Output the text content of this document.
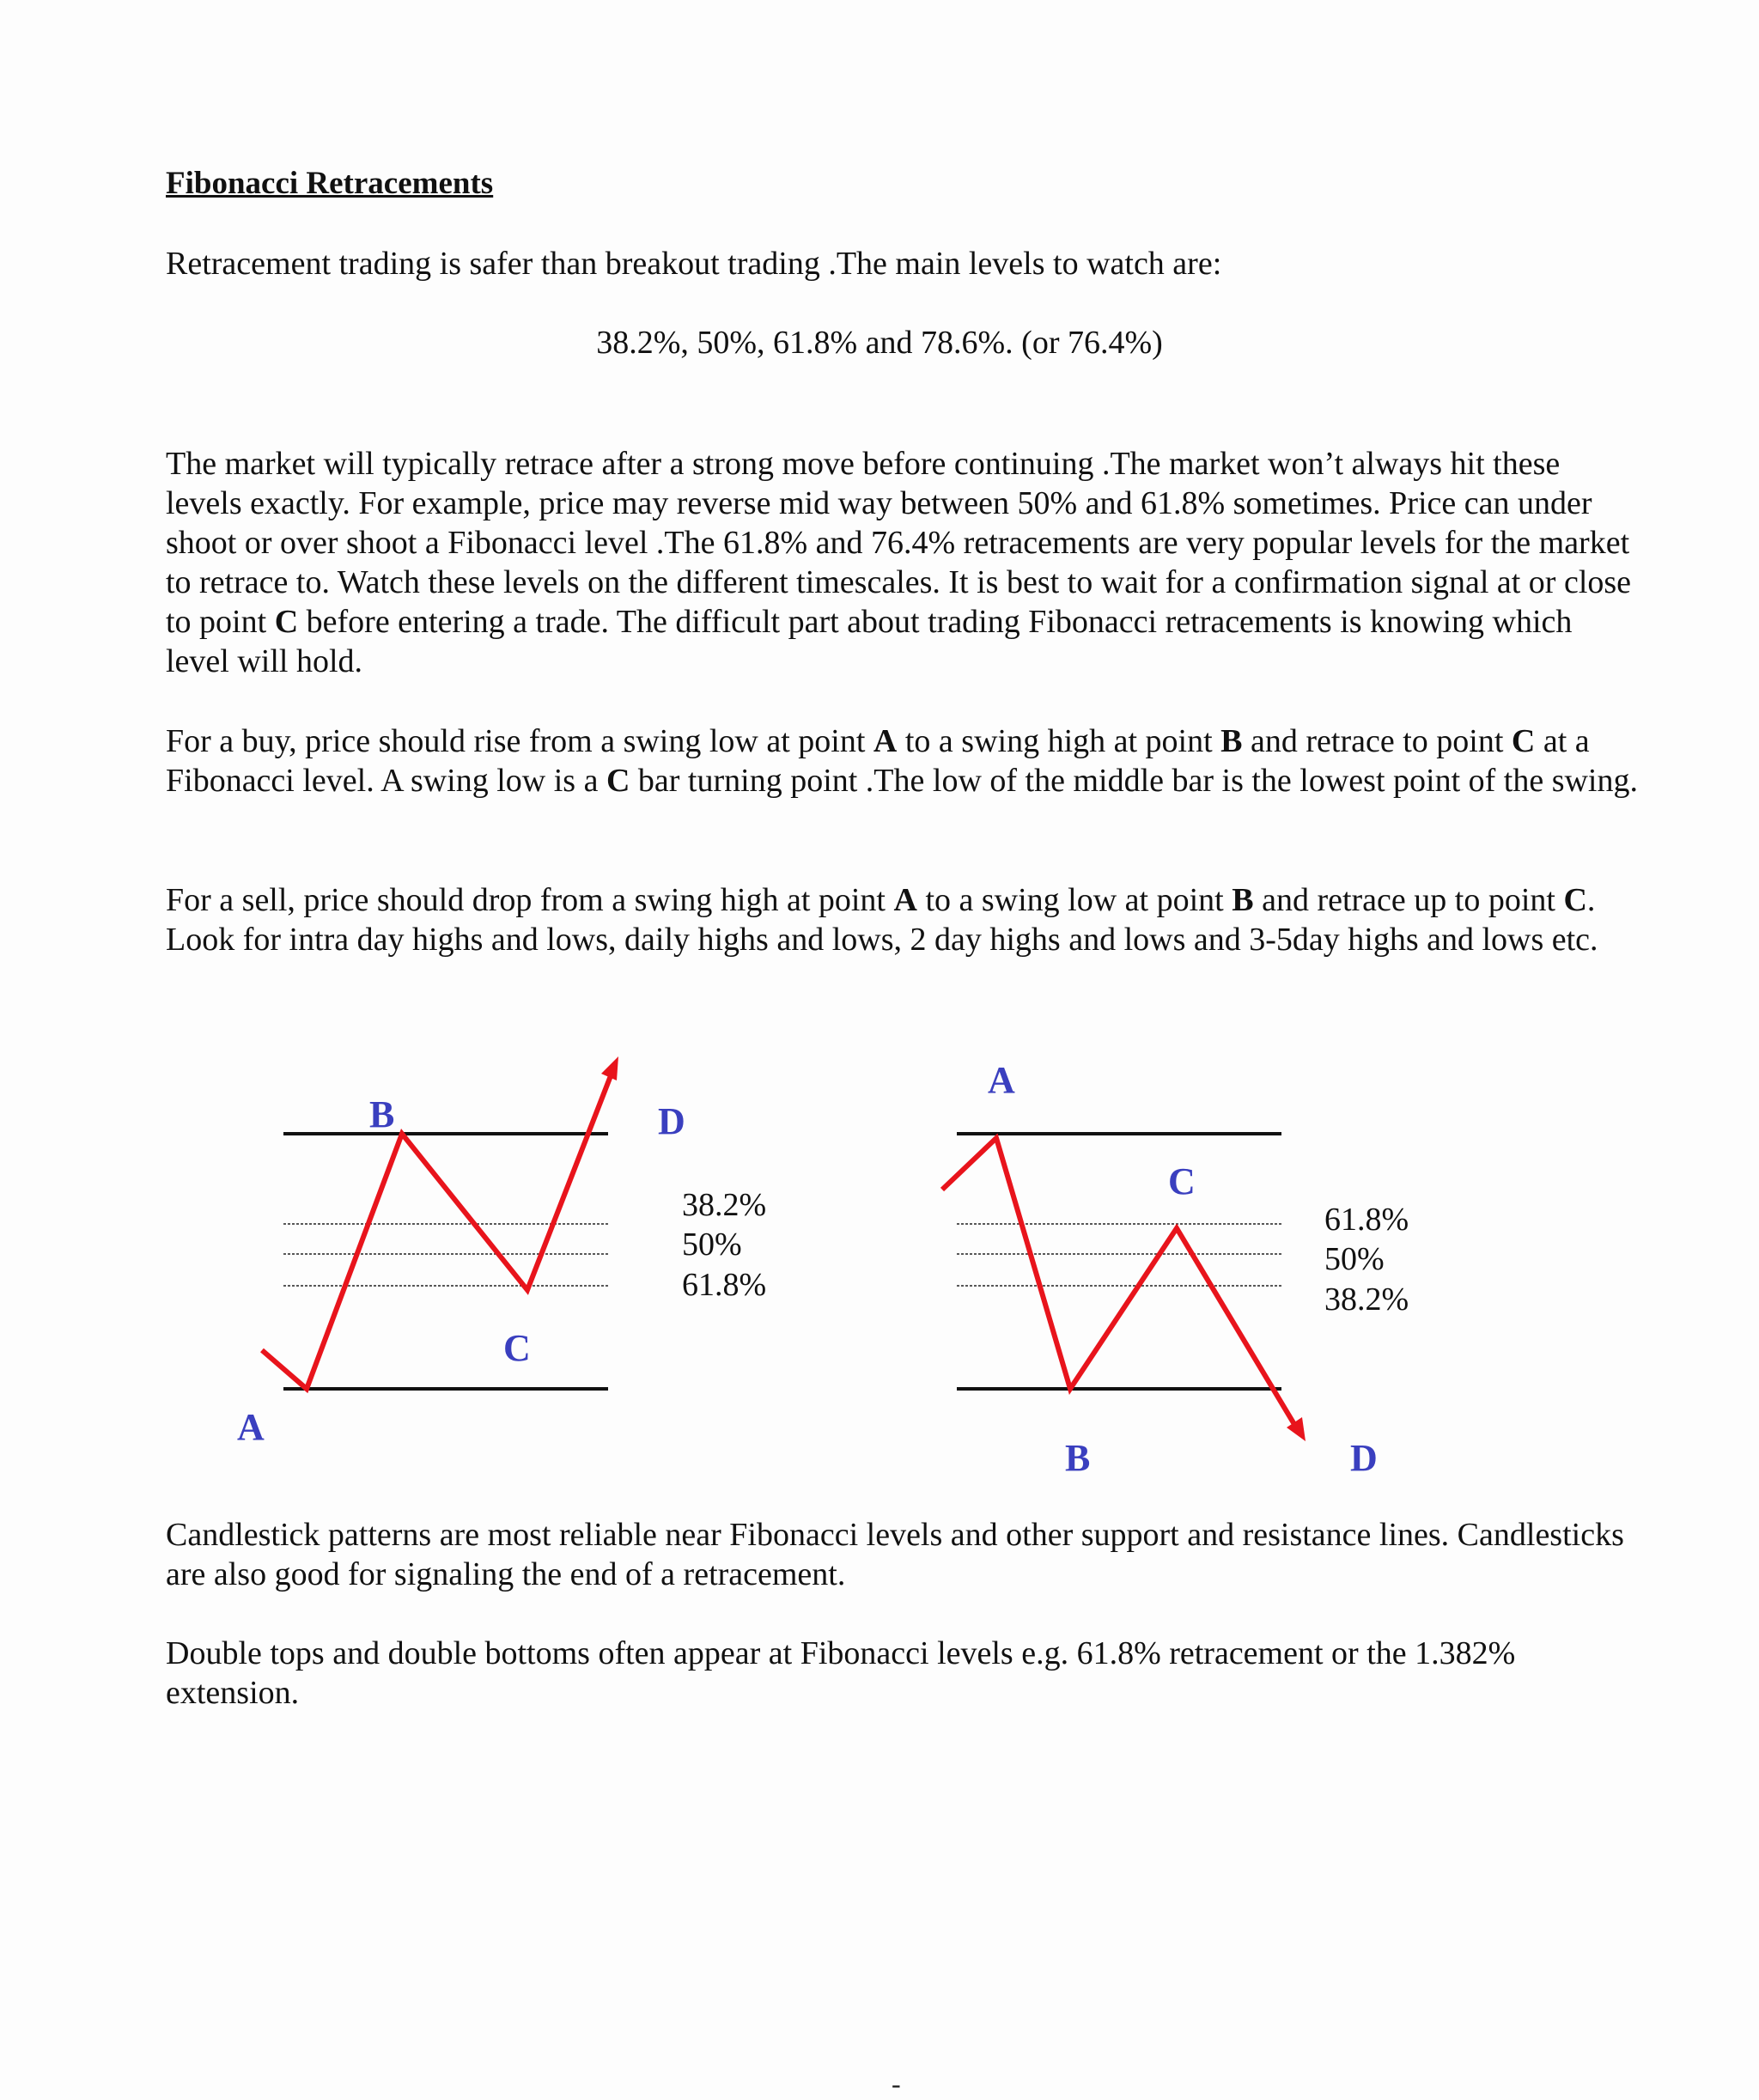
Fibonacci Retracements

Retracement trading is safer than breakout trading .The main levels to watch are:

38.2%, 50%, 61.8% and 78.6%. (or 76.4%)

The market will typically retrace after a strong move before continuing .The market won’t always hit these levels exactly. For example, price may reverse mid way between 50% and 61.8% sometimes. Price can under shoot or over shoot a Fibonacci level .The 61.8% and 76.4% retracements are very popular levels for the market to retrace to. Watch these levels on the different timescales. It is best to wait for a confirmation signal at or close to point C before entering a trade. The difficult part about trading Fibonacci retracements is knowing which level will hold.

For a buy, price should rise from a swing low at point A to a swing high at point B and retrace to point C at a Fibonacci level. A swing low is a C bar turning point .The low of the middle bar is the lowest point of the swing.

For a sell, price should drop from a swing high at point A to a swing low at point B and retrace up to point C. Look for intra day highs and lows, daily highs and lows, 2 day highs and lows and 3-5day highs and lows etc.

B	D
C
A
38.2%
50%
61.8%
A
C
B	D
61.8%
50%
38.2%

Candlestick patterns are most reliable near Fibonacci levels and other support and resistance lines. Candlesticks are also good for signaling the end of a retracement.

Double tops and double bottoms often appear at Fibonacci levels e.g. 61.8% retracement or the 1.382% extension.

-
